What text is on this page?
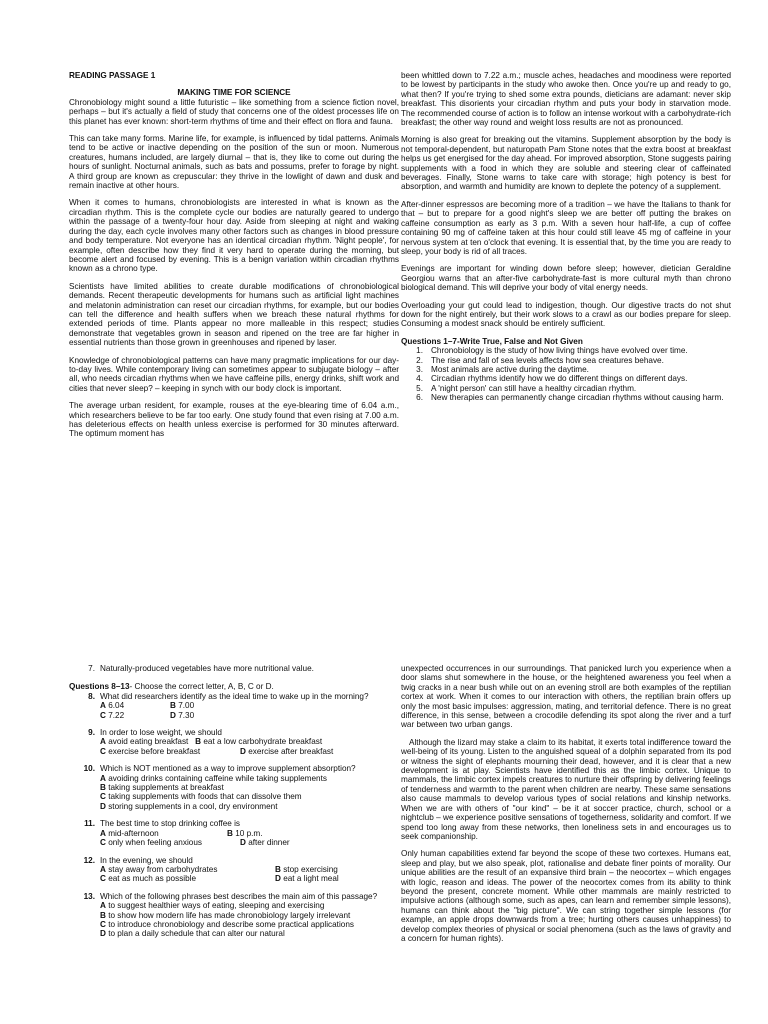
READING PASSAGE 1
MAKING TIME FOR SCIENCE

Chronobiology might sound a little futuristic – like something from a science fiction novel, perhaps – but it's actually a field of study that concerns one of the oldest processes life on this planet has ever known: short-term rhythms of time and their effect on flora and fauna.

This can take many forms. Marine life, for example, is influenced by tidal patterns. Animals tend to be active or inactive depending on the position of the sun or moon. Numerous creatures, humans included, are largely diurnal – that is, they like to come out during the hours of sunlight. Nocturnal animals, such as bats and possums, prefer to forage by night. A third group are known as crepuscular: they thrive in the lowlight of dawn and dusk and remain inactive at other hours.

When it comes to humans, chronobiologists are interested in what is known as the circadian rhythm. This is the complete cycle our bodies are naturally geared to undergo within the passage of a twenty-four hour day. Aside from sleeping at night and waking during the day, each cycle involves many other factors such as changes in blood pressure and body temperature. Not everyone has an identical circadian rhythm. 'Night people', for example, often describe how they find it very hard to operate during the morning, but become alert and focused by evening. This is a benign variation within circadian rhythms known as a chrono type.

Scientists have limited abilities to create durable modifications of chronobiological demands. Recent therapeutic developments for humans such as artificial light machines and melatonin administration can reset our circadian rhythms, for example, but our bodies can tell the difference and health suffers when we breach these natural rhythms for extended periods of time. Plants appear no more malleable in this respect; studies demonstrate that vegetables grown in season and ripened on the tree are far higher in essential nutrients than those grown in greenhouses and ripened by laser.

Knowledge of chronobiological patterns can have many pragmatic implications for our day-to-day lives. While contemporary living can sometimes appear to subjugate biology – after all, who needs circadian rhythms when we have caffeine pills, energy drinks, shift work and cities that never sleep? – keeping in synch with our body clock is important.

The average urban resident, for example, rouses at the eye-blearing time of 6.04 a.m., which researchers believe to be far too early. One study found that even rising at 7.00 a.m. has deleterious effects on health unless exercise is performed for 30 minutes afterward. The optimum moment has

been whittled down to 7.22 a.m.; muscle aches, headaches and moodiness were reported to be lowest by participants in the study who awoke then. Once you're up and ready to go, what then? If you're trying to shed some extra pounds, dieticians are adamant: never skip breakfast. This disorients your circadian rhythm and puts your body in starvation mode. The recommended course of action is to follow an intense workout with a carbohydrate-rich breakfast; the other way round and weight loss results are not as pronounced.

Morning is also great for breaking out the vitamins. Supplement absorption by the body is not temporal-dependent, but naturopath Pam Stone notes that the extra boost at breakfast helps us get energised for the day ahead. For improved absorption, Stone suggests pairing supplements with a food in which they are soluble and steering clear of caffeinated beverages. Finally, Stone warns to take care with storage; high potency is best for absorption, and warmth and humidity are known to deplete the potency of a supplement.

After-dinner espressos are becoming more of a tradition – we have the Italians to thank for that – but to prepare for a good night's sleep we are better off putting the brakes on caffeine consumption as early as 3 p.m. With a seven hour half-life, a cup of coffee containing 90 mg of caffeine taken at this hour could still leave 45 mg of caffeine in your nervous system at ten o'clock that evening. It is essential that, by the time you are ready to sleep, your body is rid of all traces.

Evenings are important for winding down before sleep; however, dietician Geraldine Georgiou warns that an after-five carbohydrate-fast is more cultural myth than chrono biological demand. This will deprive your body of vital energy needs.

Overloading your gut could lead to indigestion, though. Our digestive tracts do not shut down for the night entirely, but their work slows to a crawl as our bodies prepare for sleep. Consuming a modest snack should be entirely sufficient.

Questions 1–7-Write True, False and Not Given
1. Chronobiology is the study of how living things have evolved over time.
2. The rise and fall of sea levels affects how sea creatures behave.
3. Most animals are active during the daytime.
4. Circadian rhythms identify how we do different things on different days.
5. A 'night person' can still have a healthy circadian rhythm.
6. New therapies can permanently change circadian rhythms without causing harm.
7. Naturally-produced vegetables have more nutritional value.
Questions 8–13- Choose the correct letter, A, B, C or D.
8. What did researchers identify as the ideal time to wake up in the morning?
A 6.04	B 7.00
C 7.22	D 7.30
9. In order to lose weight, we should
A avoid eating breakfast B eat a low carbohydrate breakfast
C exercise before breakfast	D exercise after breakfast
10. Which is NOT mentioned as a way to improve supplement absorption?
A avoiding drinks containing caffeine while taking supplements
B taking supplements at breakfast
C taking supplements with foods that can dissolve them
D storing supplements in a cool, dry environment
11. The best time to stop drinking coffee is
A mid-afternoon	B 10 p.m.
C only when feeling anxious	D after dinner
12. In the evening, we should
A stay away from carbohydrates	B stop exercising
C eat as much as possible	D eat a light meal
13. Which of the following phrases best describes the main aim of this passage?
A to suggest healthier ways of eating, sleeping and exercising
B to show how modern life has made chronobiology largely irrelevant
C to introduce chronobiology and describe some practical applications
D to plan a daily schedule that can alter our natural

unexpected occurrences in our surroundings. That panicked lurch you experience when a door slams shut somewhere in the house, or the heightened awareness you feel when a twig cracks in a near bush while out on an evening stroll are both examples of the reptilian cortex at work. When it comes to our interaction with others, the reptilian brain offers up only the most basic impulses: aggression, mating, and territorial defence. There is no great difference, in this sense, between a crocodile defending its spot along the river and a turf war between two urban gangs.

Although the lizard may stake a claim to its habitat, it exerts total indifference toward the well-being of its young. Listen to the anguished squeal of a dolphin separated from its pod or witness the sight of elephants mourning their dead, however, and it is clear that a new development is at play. Scientists have identified this as the limbic cortex. Unique to mammals, the limbic cortex impels creatures to nurture their offspring by delivering feelings of tenderness and warmth to the parent when children are nearby. These same sensations also cause mammals to develop various types of social relations and kinship networks. When we are with others of "our kind" – be it at soccer practice, church, school or a nightclub – we experience positive sensations of togetherness, solidarity and comfort. If we spend too long away from these networks, then loneliness sets in and encourages us to seek companionship.

Only human capabilities extend far beyond the scope of these two cortexes. Humans eat, sleep and play, but we also speak, plot, rationalise and debate finer points of morality. Our unique abilities are the result of an expansive third brain – the neocortex – which engages with logic, reason and ideas. The power of the neocortex comes from its ability to think beyond the present, concrete moment. While other mammals are mainly restricted to impulsive actions (although some, such as apes, can learn and remember simple lessons), humans can think about the "big picture". We can string together simple lessons (for example, an apple drops downwards from a tree; hurting others causes unhappiness) to develop complex theories of physical or social phenomena (such as the laws of gravity and a concern for human rights).
